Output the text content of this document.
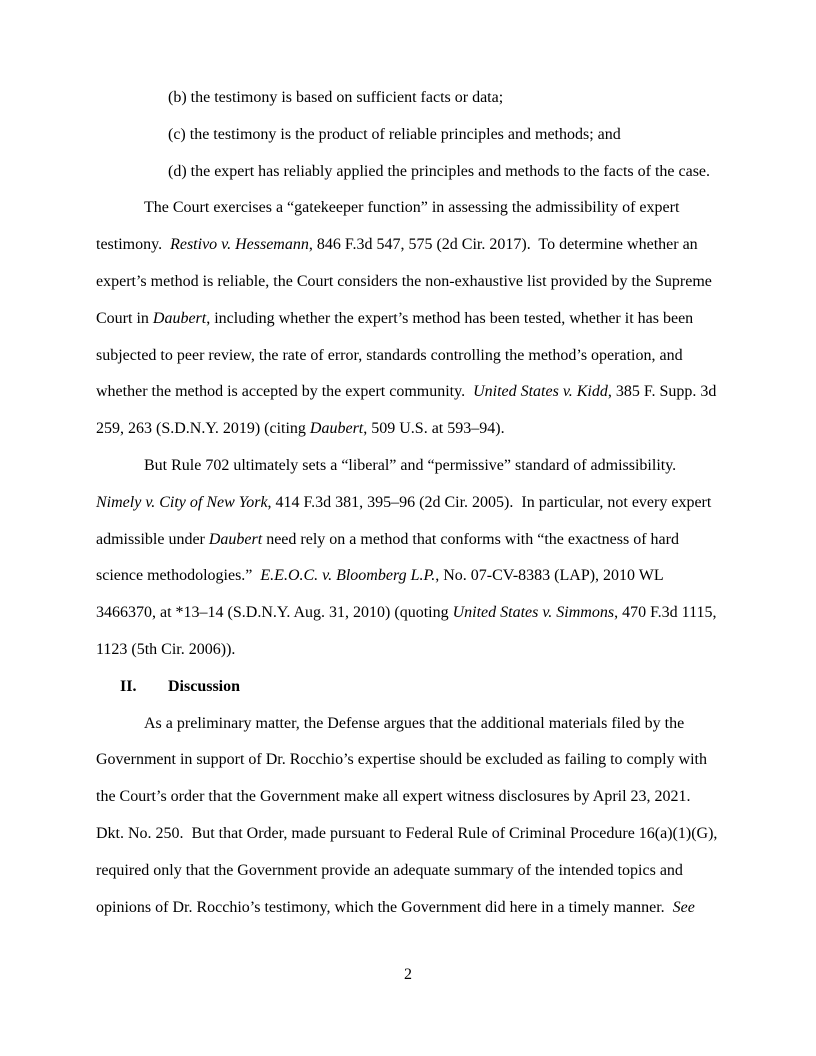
(b) the testimony is based on sufficient facts or data;

(c) the testimony is the product of reliable principles and methods; and

(d) the expert has reliably applied the principles and methods to the facts of the case.

The Court exercises a “gatekeeper function” in assessing the admissibility of expert testimony.  Restivo v. Hessemann, 846 F.3d 547, 575 (2d Cir. 2017).  To determine whether an expert’s method is reliable, the Court considers the non-exhaustive list provided by the Supreme Court in Daubert, including whether the expert’s method has been tested, whether it has been subjected to peer review, the rate of error, standards controlling the method’s operation, and whether the method is accepted by the expert community.  United States v. Kidd, 385 F. Supp. 3d 259, 263 (S.D.N.Y. 2019) (citing Daubert, 509 U.S. at 593–94).

But Rule 702 ultimately sets a “liberal” and “permissive” standard of admissibility.  Nimely v. City of New York, 414 F.3d 381, 395–96 (2d Cir. 2005).  In particular, not every expert admissible under Daubert need rely on a method that conforms with “the exactness of hard science methodologies.”  E.E.O.C. v. Bloomberg L.P., No. 07-CV-8383 (LAP), 2010 WL 3466370, at *13–14 (S.D.N.Y. Aug. 31, 2010) (quoting United States v. Simmons, 470 F.3d 1115, 1123 (5th Cir. 2006)).

II. Discussion

As a preliminary matter, the Defense argues that the additional materials filed by the Government in support of Dr. Rocchio’s expertise should be excluded as failing to comply with the Court’s order that the Government make all expert witness disclosures by April 23, 2021.  Dkt. No. 250.  But that Order, made pursuant to Federal Rule of Criminal Procedure 16(a)(1)(G), required only that the Government provide an adequate summary of the intended topics and opinions of Dr. Rocchio’s testimony, which the Government did here in a timely manner.  See

2
